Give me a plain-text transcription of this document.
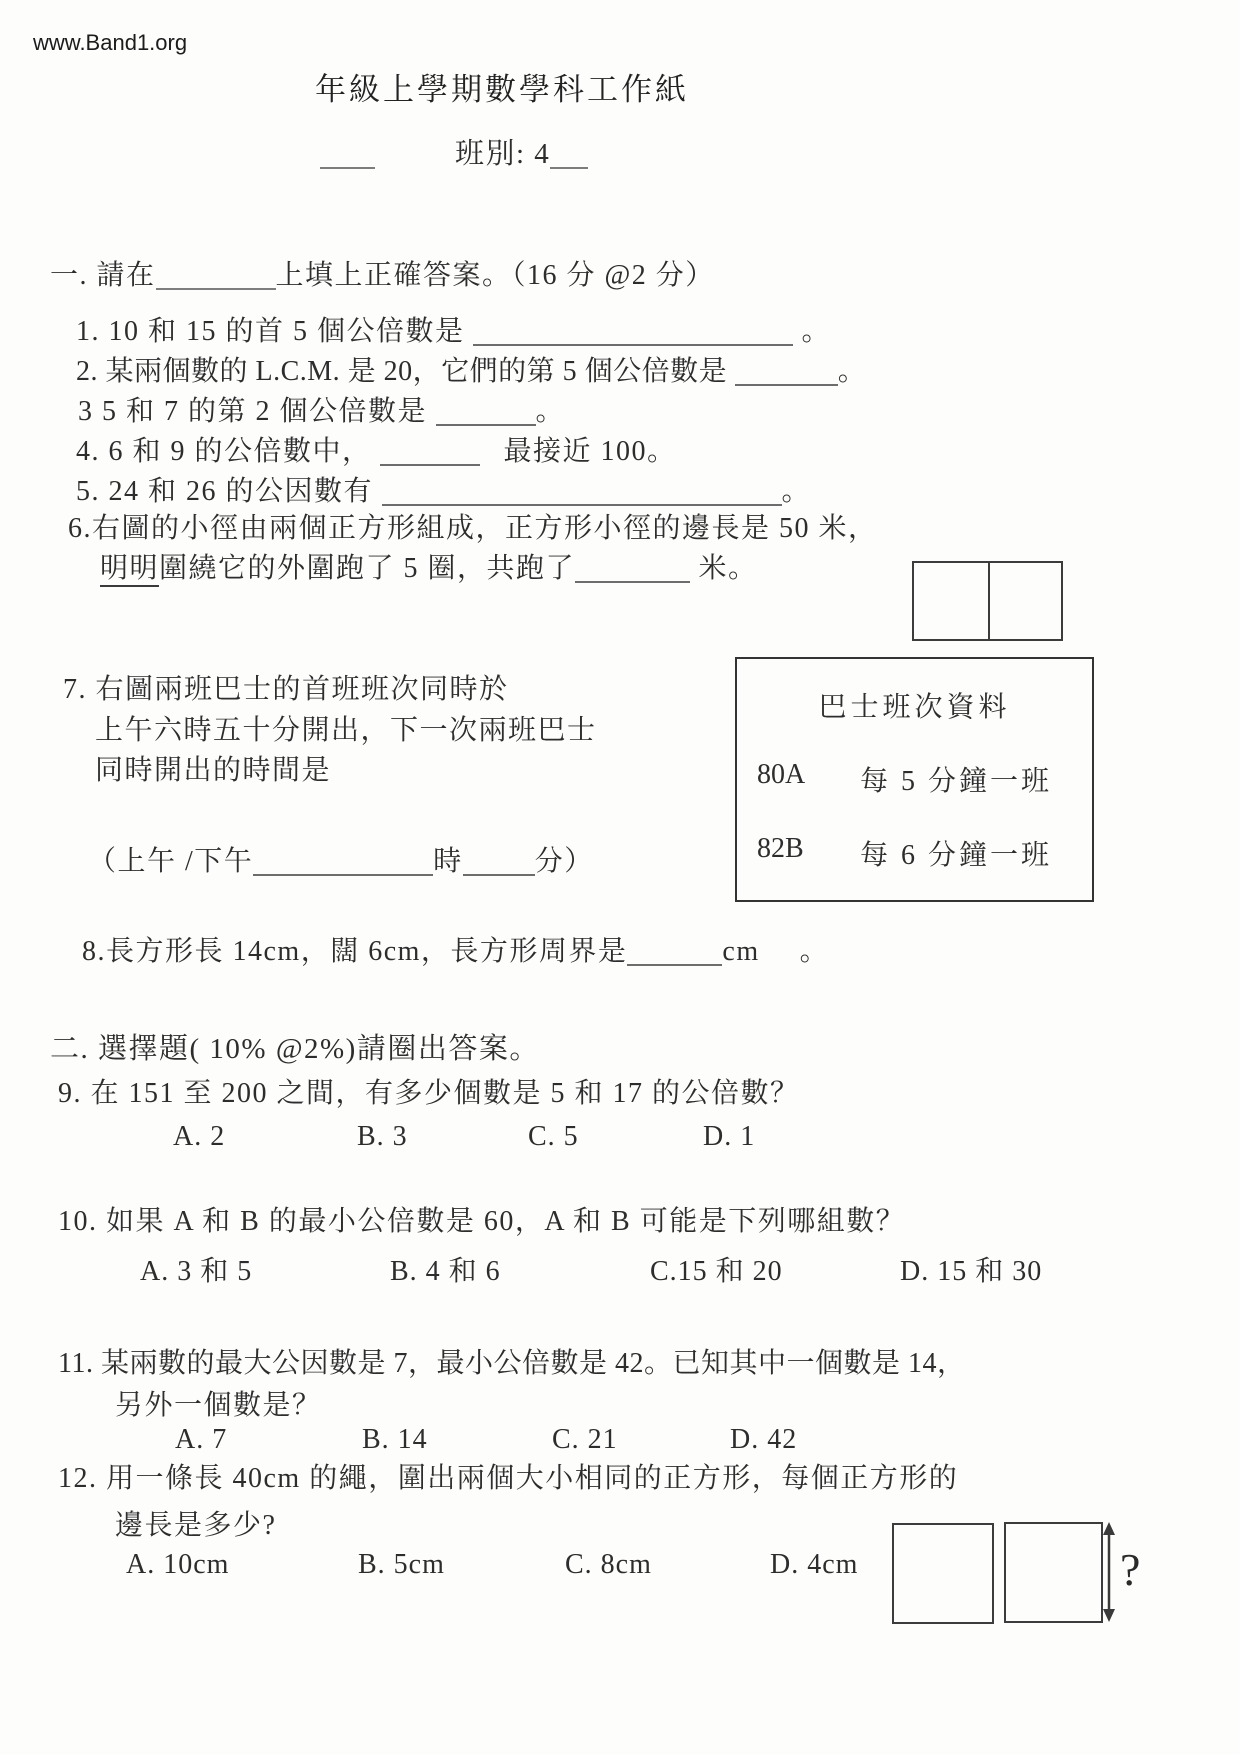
www.Band1.org
年級上學期數學科工作紙
班別: 4
一. 請在	上填上正確答案。（16 分 @2 分）
1. 10 和 15 的首 5 個公倍數是	。
2. 某兩個數的 L.C.M. 是 20，它們的第 5 個公倍數是	。
3 5 和 7 的第 2 個公倍數是	。
4. 6 和 9 的公倍數中，	最接近 100。
5. 24 和 26 的公因數有	。
6.右圖的小徑由兩個正方形組成，正方形小徑的邊長是 50 米，
明明圍繞它的外圍跑了 5 圈，共跑了	米。
7. 右圖兩班巴士的首班班次同時於
上午六時五十分開出，下一次兩班巴士
同時開出的時間是
（上午 /下午	時	分）
巴士班次資料
80A 每 5 分鐘一班
82B 每 6 分鐘一班
8.長方形長 14cm，闊 6cm，長方形周界是	cm 。
二. 選擇題( 10% @2%)請圈出答案。
9. 在 151 至 200 之間，有多少個數是 5 和 17 的公倍數？
A. 2	B. 3	C. 5	D. 1
10. 如果 A 和 B 的最小公倍數是 60，A 和 B 可能是下列哪組數？
A. 3 和 5	B. 4 和 6	C.15 和 20	D. 15 和 30
11. 某兩數的最大公因數是 7，最小公倍數是 42。已知其中一個數是 14，
另外一個數是？
A. 7	B. 14	C. 21	D. 42
12. 用一條長 40cm 的繩，圍出兩個大小相同的正方形，每個正方形的
邊長是多少?
A. 10cm	B. 5cm	C. 8cm	D. 4cm	?
